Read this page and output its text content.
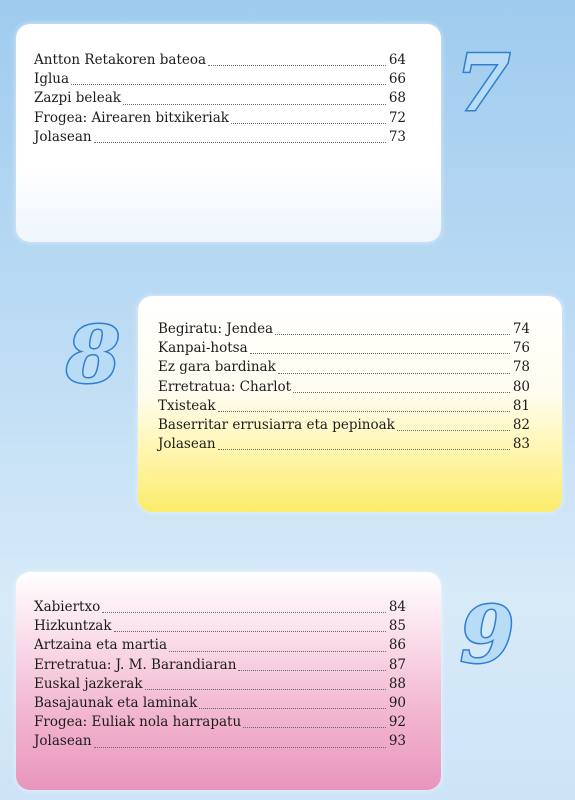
Antton Retakoren bateoa	64
Iglua	66
Zazpi beleak	68
Frogea: Airearen bitxikeriak	72
Jolasean	73
7
Begiratu: Jendea	74
Kanpai-hotsa	76
Ez gara bardinak	78
Erretratua: Charlot	80
Txisteak	81
Baserritar errusiarra eta pepinoak	82
Jolasean	83
8
Xabiertxo	84
Hizkuntzak	85
Artzaina eta martia	86
Erretratua: J. M. Barandiaran	87
Euskal jazkerak	88
Basajaunak eta laminak	90
Frogea: Euliak nola harrapatu	92
Jolasean	93
9
